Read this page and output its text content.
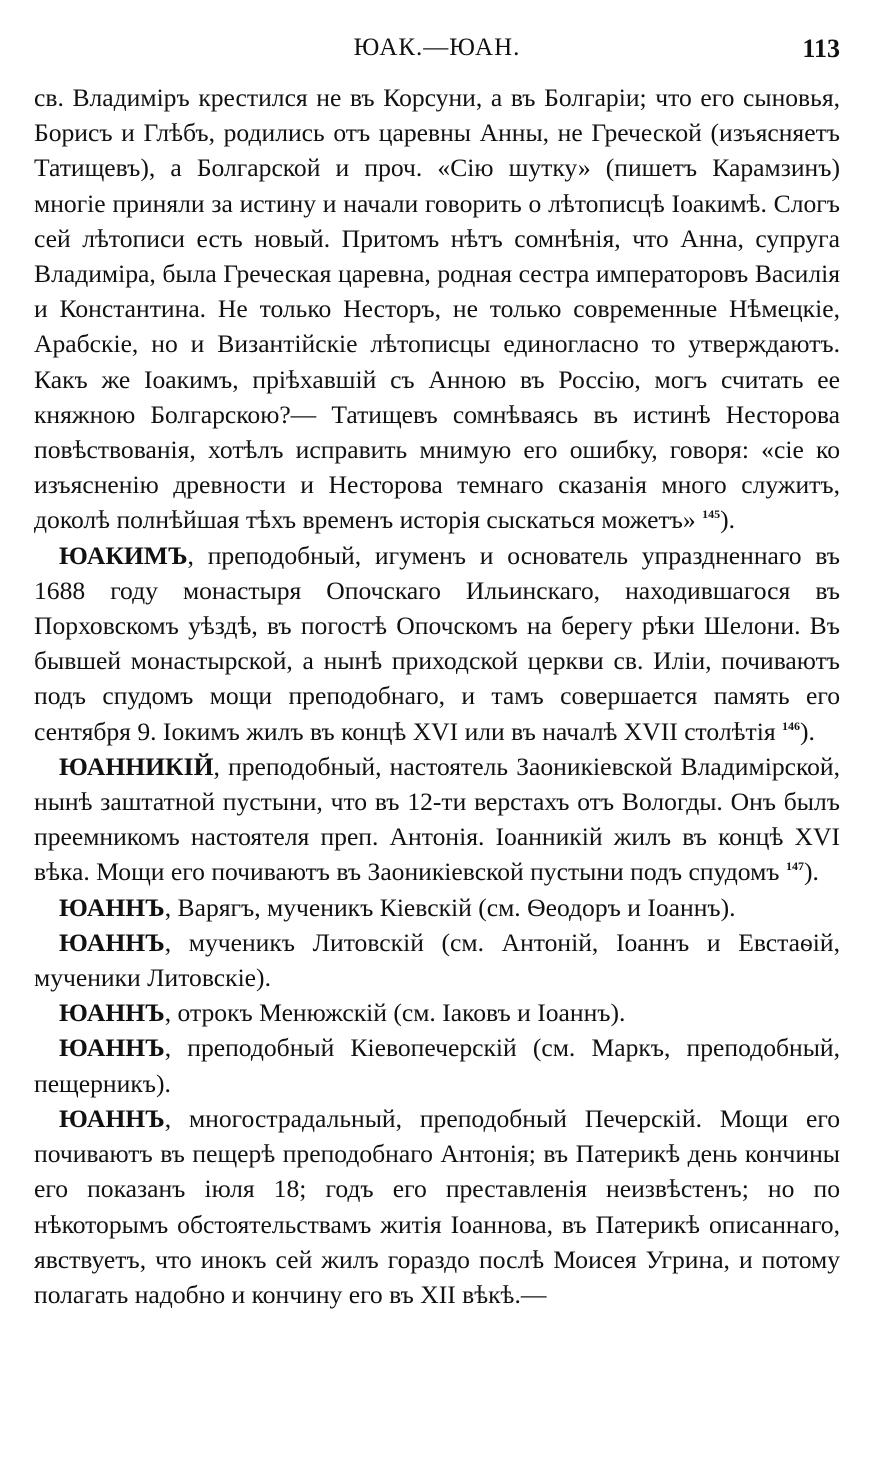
ЮАК.—ЮАН.	113

св. Владиміръ крестился не въ Корсуни, а въ Болгаріи; что его сыновья, Борисъ и Глѣбъ, родились отъ царевны Анны, не Греческой (изъясняетъ Татищевъ), а Болгарской и проч. «Сію шутку» (пишетъ Карамзинъ) многіе приняли за истину и начали говорить о лѣтописцѣ Іоакимѣ. Слогъ сей лѣтописи есть новый. Притомъ нѣтъ сомнѣнія, что Анна, супруга Владиміра, была Греческая царевна, родная сестра императоровъ Василія и Константина. Не только Несторъ, не только современные Нѣмецкіе, Арабскіе, но и Византійскіе лѣтописцы единогласно то утверждаютъ. Какъ же Іоакимъ, пріѣхавшій съ Анною въ Россію, могъ считать ее княжною Болгарскою?— Татищевъ сомнѣваясь въ истинѣ Несторова повѣствованія, хотѣлъ исправить мнимую его ошибку, говоря: «сіе ко изъясненію древности и Несторова темнаго сказанія много служитъ, доколѣ полнѣйшая тѣхъ временъ исторія сыскаться можетъ» $^{145}$).

ЮАКИМЪ, преподобный, игуменъ и основатель упраздненнаго въ 1688 году монастыря Опочскаго Ильинскаго, находившагося въ Порховскомъ уѣздѣ, въ погостѣ Опочскомъ на берегу рѣки Шелони. Въ бывшей монастырской, а нынѣ приходской церкви св. Иліи, почиваютъ подъ спудомъ мощи преподобнаго, и тамъ совершается память его сентября 9. Іокимъ жилъ въ концѣ XVI или въ началѣ XVII столѣтія $^{146}$).

ЮАННИКІЙ, преподобный, настоятель Заоникіевской Владимірской, нынѣ заштатной пустыни, что въ 12-ти верстахъ отъ Вологды. Онъ былъ преемникомъ настоятеля преп. Антонія. Іоанникій жилъ въ концѣ XVI вѣка. Мощи его почиваютъ въ Заоникіевской пустыни подъ спудомъ $^{147}$).

ЮАННЪ, Варягъ, мученикъ Кіевскій (см. Ѳеодоръ и Іоаннъ).

ЮАННЪ, мученикъ Литовскій (см. Антоній, Іоаннъ и Евстаѳій, мученики Литовскіе).

ЮАННЪ, отрокъ Менюжскій (см. Іаковъ и Іоаннъ).

ЮАННЪ, преподобный Кіевопечерскій (см. Маркъ, преподобный, пещерникъ).

ЮАННЪ, многострадальный, преподобный Печерскій. Мощи его почиваютъ въ пещерѣ преподобнаго Антонія; въ Патерикѣ день кончины его показанъ іюля 18; годъ его преставленія неизвѣстенъ; но по нѣкоторымъ обстоятельствамъ житія Іоаннова, въ Патерикѣ описаннаго, явствуетъ, что инокъ сей жилъ гораздо послѣ Моисея Угрина, и потому полагать надобно и кончину его въ XII вѣкѣ.—
